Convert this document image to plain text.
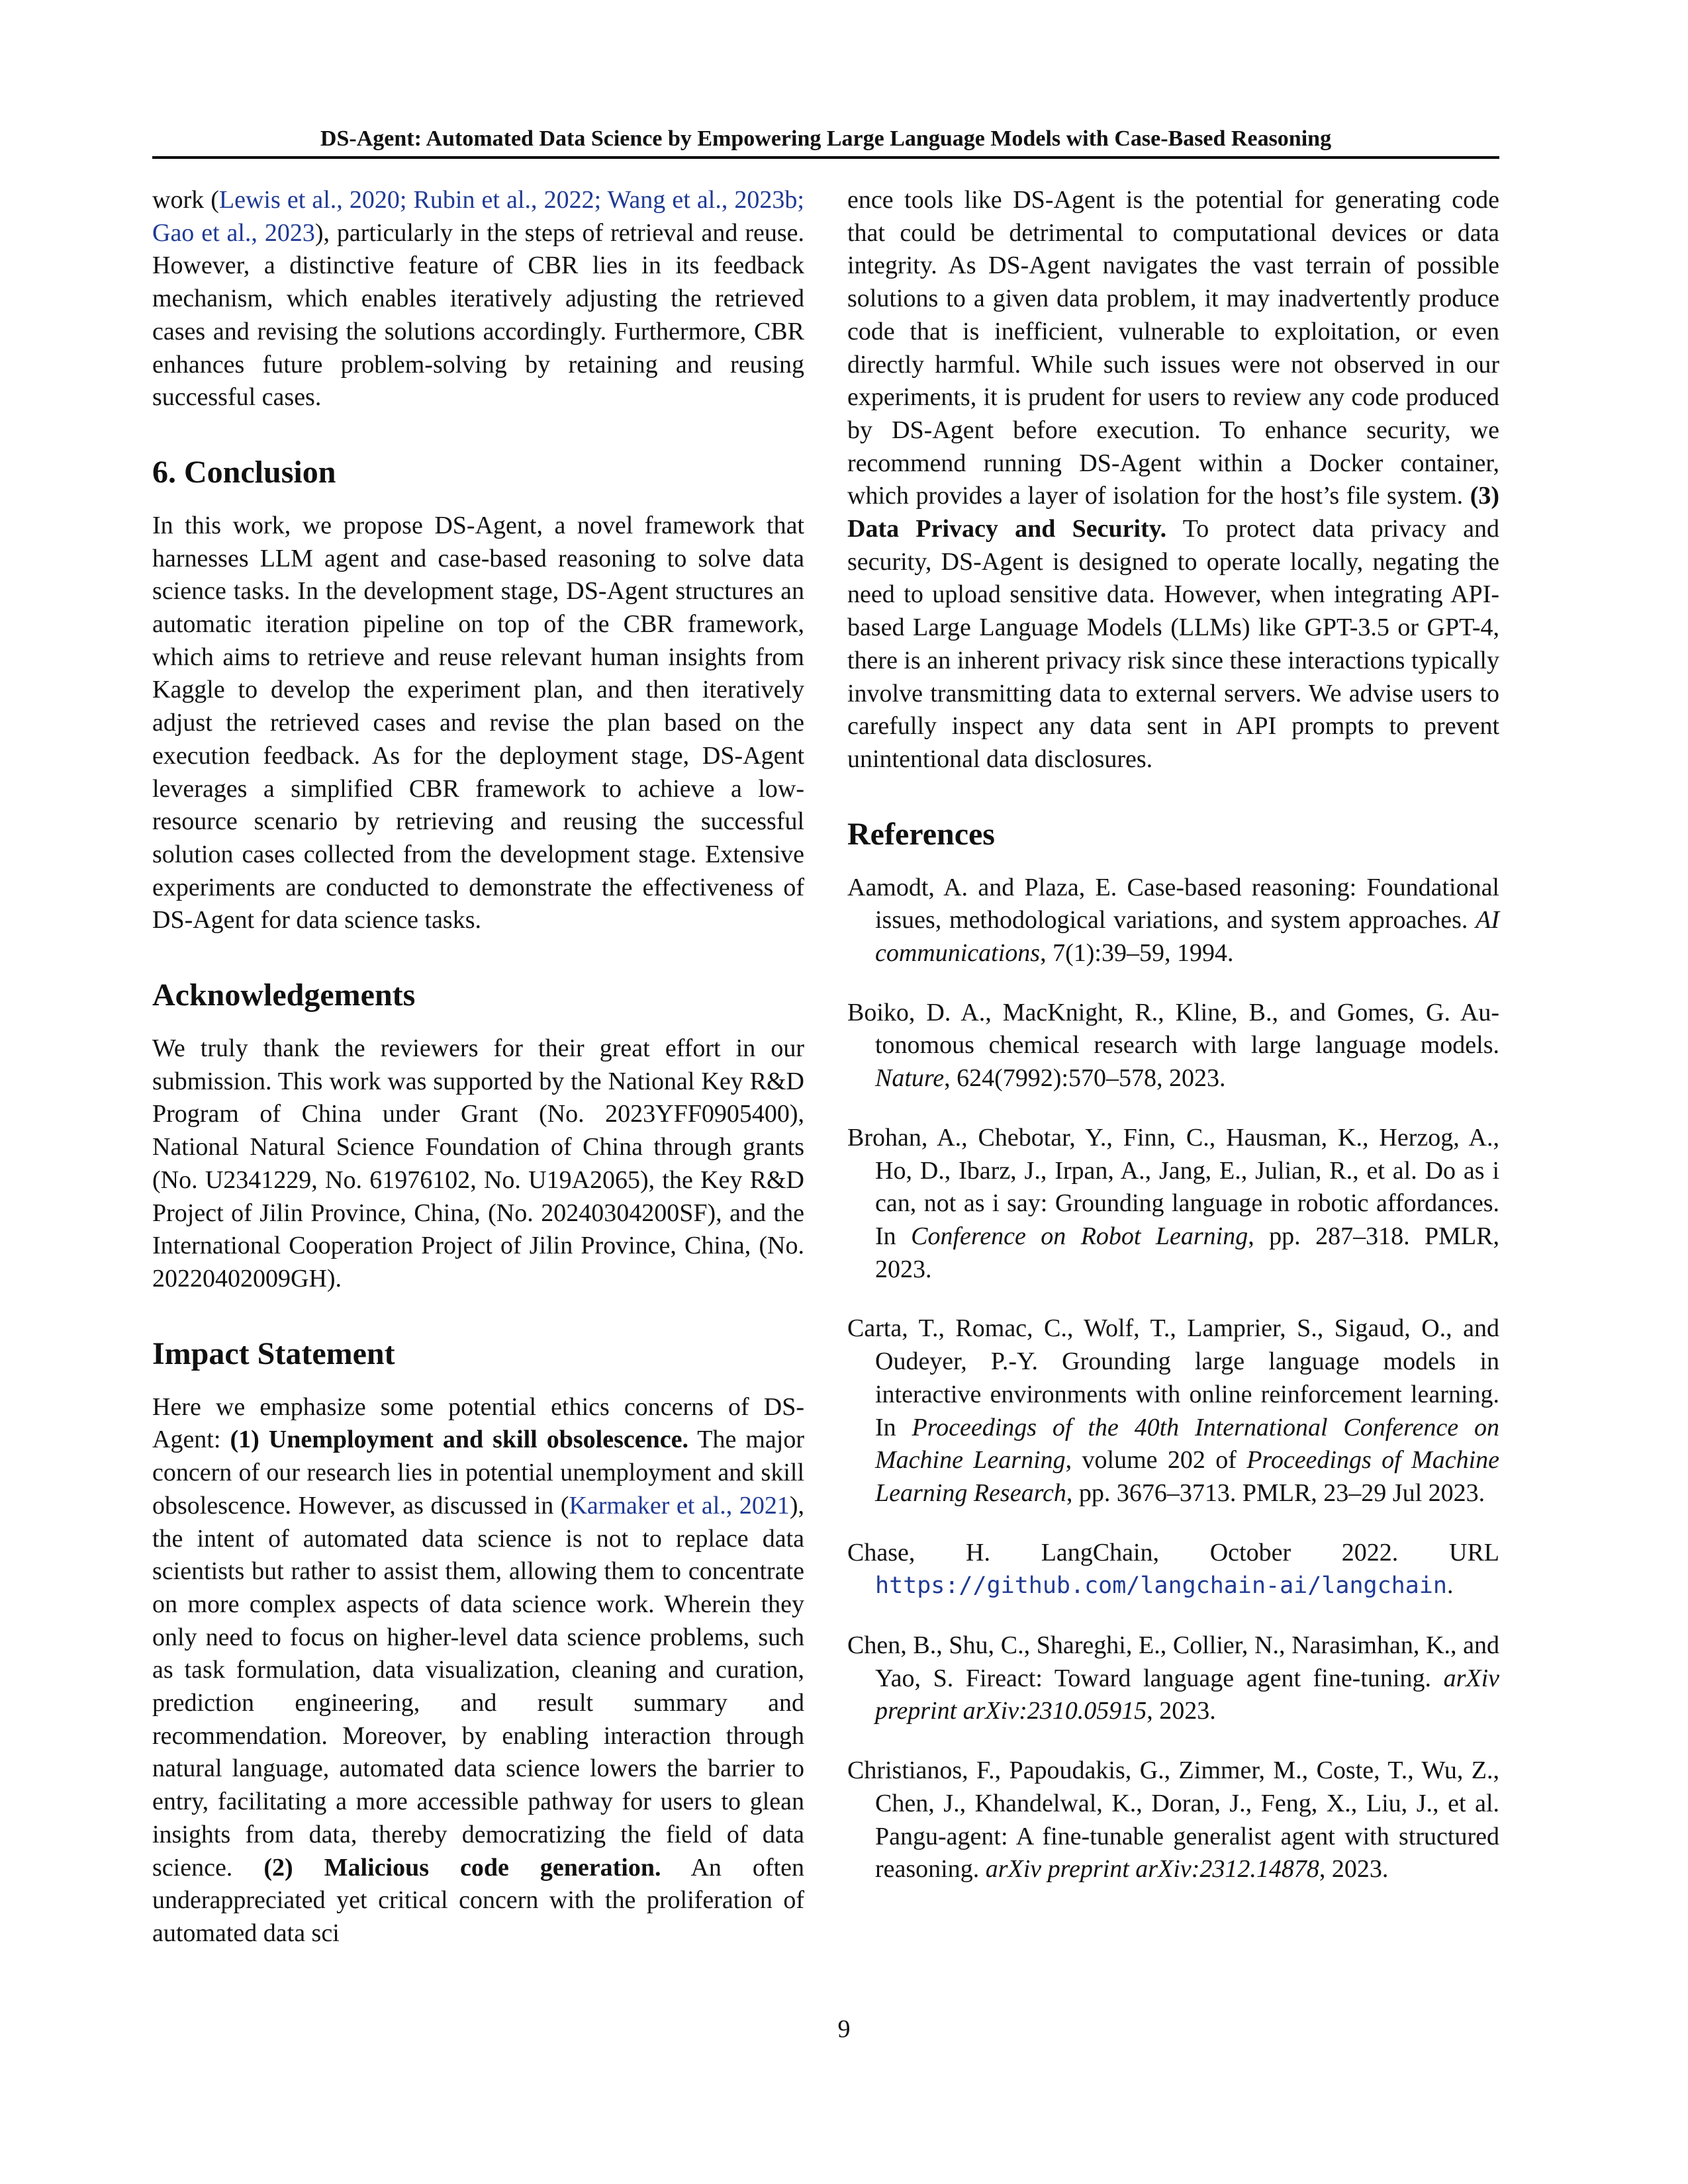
DS-Agent: Automated Data Science by Empowering Large Language Models with Case-Based Reasoning

work (Lewis et al., 2020; Rubin et al., 2022; Wang et al., 2023b; Gao et al., 2023), particularly in the steps of retrieval and reuse. However, a distinctive feature of CBR lies in its feedback mechanism, which enables iteratively adjusting the retrieved cases and revising the solutions accordingly. Furthermore, CBR enhances future problem-solving by retaining and reusing successful cases.

6. Conclusion

In this work, we propose DS-Agent, a novel framework that harnesses LLM agent and case-based reasoning to solve data science tasks. In the development stage, DS-Agent structures an automatic iteration pipeline on top of the CBR framework, which aims to retrieve and reuse relevant human insights from Kaggle to develop the experiment plan, and then iteratively adjust the retrieved cases and revise the plan based on the execution feedback. As for the deployment stage, DS-Agent leverages a simplified CBR framework to achieve a low-resource scenario by retrieving and reusing the successful solution cases collected from the development stage. Extensive experiments are conducted to demonstrate the effectiveness of DS-Agent for data science tasks.

Acknowledgements

We truly thank the reviewers for their great effort in our submission. This work was supported by the National Key R&D Program of China under Grant (No. 2023YFF0905400), National Natural Science Foundation of China through grants (No. U2341229, No. 61976102, No. U19A2065), the Key R&D Project of Jilin Province, China, (No. 20240304200SF), and the International Cooperation Project of Jilin Province, China, (No. 20220402009GH).

Impact Statement

Here we emphasize some potential ethics concerns of DS-Agent: (1) Unemployment and skill obsolescence. The major concern of our research lies in potential unemployment and skill obsolescence. However, as discussed in (Karmaker et al., 2021), the intent of automated data science is not to replace data scientists but rather to assist them, allowing them to concentrate on more complex aspects of data science work. Wherein they only need to focus on higher-level data science problems, such as task formulation, data visualization, cleaning and curation, prediction engineering, and result summary and recommendation. Moreover, by enabling interaction through natural language, automated data science lowers the barrier to entry, facilitating a more accessible pathway for users to glean insights from data, thereby democratizing the field of data science. (2) Malicious code generation. An often underappreciated yet critical concern with the proliferation of automated data sci

ence tools like DS-Agent is the potential for generating code that could be detrimental to computational devices or data integrity. As DS-Agent navigates the vast terrain of possible solutions to a given data problem, it may inadvertently produce code that is inefficient, vulnerable to exploitation, or even directly harmful. While such issues were not observed in our experiments, it is prudent for users to review any code produced by DS-Agent before execution. To enhance security, we recommend running DS-Agent within a Docker container, which provides a layer of isolation for the host’s file system. (3) Data Privacy and Security. To protect data privacy and security, DS-Agent is designed to operate locally, negating the need to upload sensitive data. However, when integrating API-based Large Language Models (LLMs) like GPT-3.5 or GPT-4, there is an inherent privacy risk since these interactions typically involve transmitting data to external servers. We advise users to carefully inspect any data sent in API prompts to prevent unintentional data disclosures.

References
Aamodt, A. and Plaza, E. Case-based reasoning: Foundational issues, methodological variations, and system approaches. AI communications, 7(1):39–59, 1994.
Boiko, D. A., MacKnight, R., Kline, B., and Gomes, G. Autonomous chemical research with large language models. Nature, 624(7992):570–578, 2023.
Brohan, A., Chebotar, Y., Finn, C., Hausman, K., Herzog, A., Ho, D., Ibarz, J., Irpan, A., Jang, E., Julian, R., et al. Do as i can, not as i say: Grounding language in robotic affordances. In Conference on Robot Learning, pp. 287–318. PMLR, 2023.
Carta, T., Romac, C., Wolf, T., Lamprier, S., Sigaud, O., and Oudeyer, P.-Y. Grounding large language models in interactive environments with online reinforcement learning. In Proceedings of the 40th International Conference on Machine Learning, volume 202 of Proceedings of Machine Learning Research, pp. 3676–3713. PMLR, 23–29 Jul 2023.
Chase, H. LangChain, October 2022. URL https://github.com/langchain-ai/langchain.
Chen, B., Shu, C., Shareghi, E., Collier, N., Narasimhan, K., and Yao, S. Fireact: Toward language agent fine-tuning. arXiv preprint arXiv:2310.05915, 2023.
Christianos, F., Papoudakis, G., Zimmer, M., Coste, T., Wu, Z., Chen, J., Khandelwal, K., Doran, J., Feng, X., Liu, J., et al. Pangu-agent: A fine-tunable generalist agent with structured reasoning. arXiv preprint arXiv:2312.14878, 2023.
9
